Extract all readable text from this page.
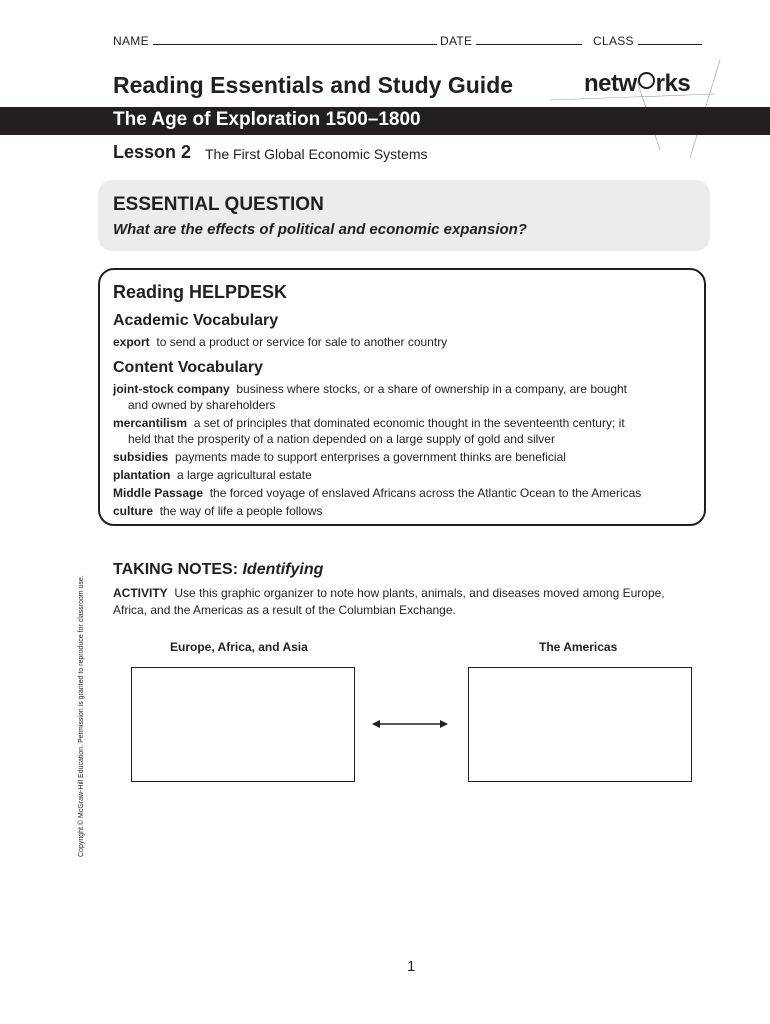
NAME	DATE	CLASS
Reading Essentials and Study Guide	netw rks
The Age of Exploration 1500–1800
Lesson 2 The First Global Economic Systems
ESSENTIAL QUESTION
What are the effects of political and economic expansion?
Reading HELPDESK
Academic Vocabulary
export to send a product or service for sale to another country
Content Vocabulary
joint-stock company business where stocks, or a share of ownership in a company, are bought
and owned by shareholders
mercantilism a set of principles that dominated economic thought in the seventeenth century; it
held that the prosperity of a nation depended on a large supply of gold and silver
subsidies payments made to support enterprises a government thinks are beneficial
plantation a large agricultural estate
Middle Passage the forced voyage of enslaved Africans across the Atlantic Ocean to the Americas
culture the way of life a people follows
Copyright © McGraw-Hill Education. Permission is granted to reproduce for classroom use.
TAKING NOTES: Identifying
ACTIVITY Use this graphic organizer to note how plants, animals, and diseases moved among Europe,
Africa, and the Americas as a result of the Columbian Exchange.
Europe, Africa, and Asia	The Americas
1
